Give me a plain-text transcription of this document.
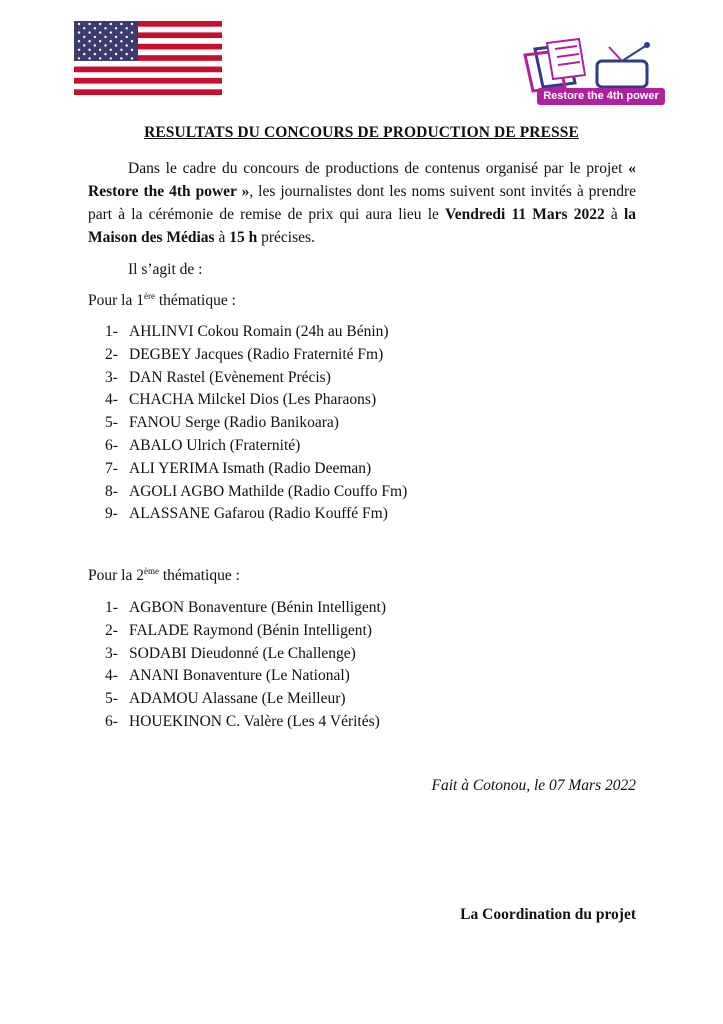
Restore the 4th power
RESULTATS DU CONCOURS DE PRODUCTION DE PRESSE
Dans le cadre du concours de productions de contenus organisé par le projet « Restore the 4th power », les journalistes dont les noms suivent sont invités à prendre part à la cérémonie de remise de prix qui aura lieu le Vendredi 11 Mars 2022 à la Maison des Médias à 15 h précises.
Il s’agit de :
Pour la 1ère thématique :
1- AHLINVI Cokou Romain (24h au Bénin)
2- DEGBEY Jacques (Radio Fraternité Fm)
3- DAN Rastel (Evènement Précis)
4- CHACHA Milckel Dios (Les Pharaons)
5- FANOU Serge (Radio Banikoara)
6- ABALO Ulrich (Fraternité)
7- ALI YERIMA Ismath (Radio Deeman)
8- AGOLI AGBO Mathilde (Radio Couffo Fm)
9- ALASSANE Gafarou (Radio Kouffé Fm)
Pour la 2ème thématique :
1- AGBON Bonaventure (Bénin Intelligent)
2- FALADE Raymond (Bénin Intelligent)
3- SODABI Dieudonné (Le Challenge)
4- ANANI Bonaventure (Le National)
5- ADAMOU Alassane (Le Meilleur)
6- HOUEKINON C. Valère (Les 4 Vérités)
Fait à Cotonou, le 07 Mars 2022
La Coordination du projet
